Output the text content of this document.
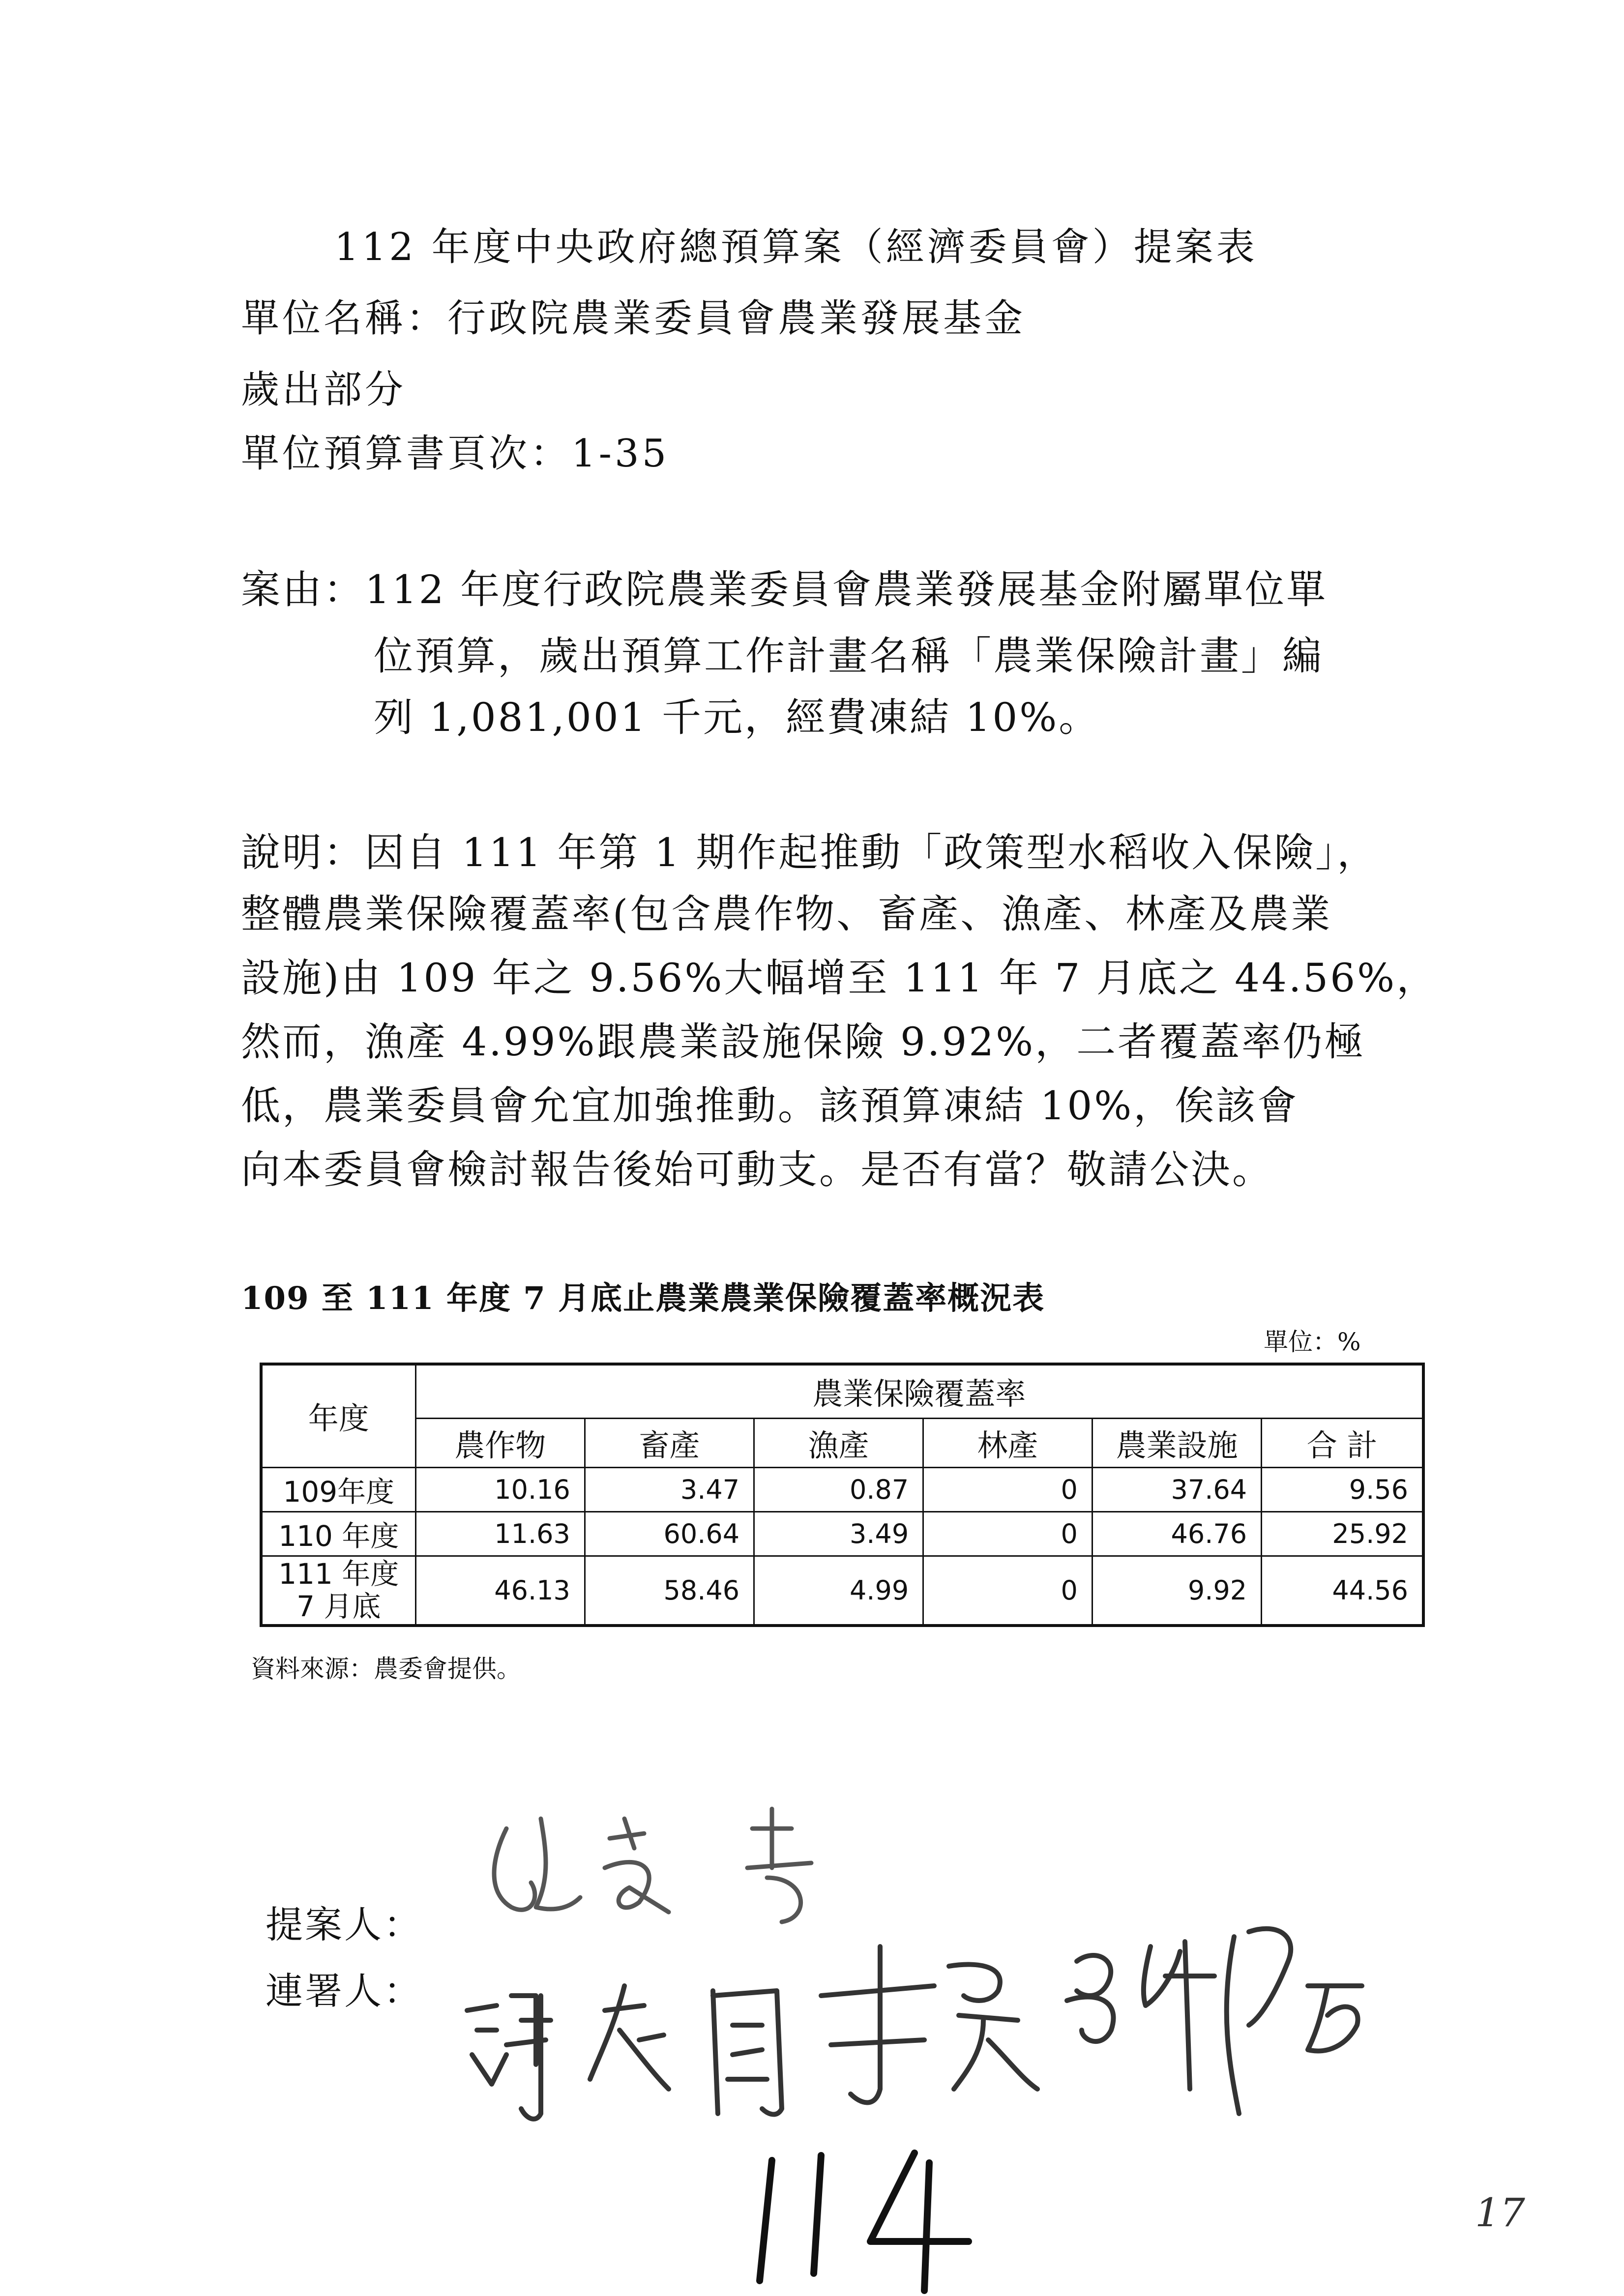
112 年度中央政府總預算案（經濟委員會）提案表
單位名稱：行政院農業委員會農業發展基金
歲出部分
單位預算書頁次：1-35
案由：112 年度行政院農業委員會農業發展基金附屬單位單
位預算，歲出預算工作計畫名稱「農業保險計畫」編
列 1,081,001 千元，經費凍結 10%。
說明：因自 111 年第 1 期作起推動「政策型水稻收入保險」，
整體農業保險覆蓋率(包含農作物、畜產、漁產、林產及農業
設施)由 109 年之 9.56%大幅增至 111 年 7 月底之 44.56%，
然而，漁產 4.99%跟農業設施保險 9.92%，二者覆蓋率仍極
低，農業委員會允宜加強推動。該預算凍結 10%，俟該會
向本委員會檢討報告後始可動支。是否有當？敬請公決。
109 至 111 年度 7 月底止農業農業保險覆蓋率概況表
單位：%
年度	農業保險覆蓋率					
	農作物	畜產	漁產	林產	農業設施	合 計
109年度	10.16	3.47	0.87	0	37.64	9.56
110 年度	11.63	60.64	3.49	0	46.76	25.92

111 年度
7 月底	46.13	58.46	4.99	0	9.92	44.56
資料來源：農委會提供。
提案人：
連署人：
114
17
